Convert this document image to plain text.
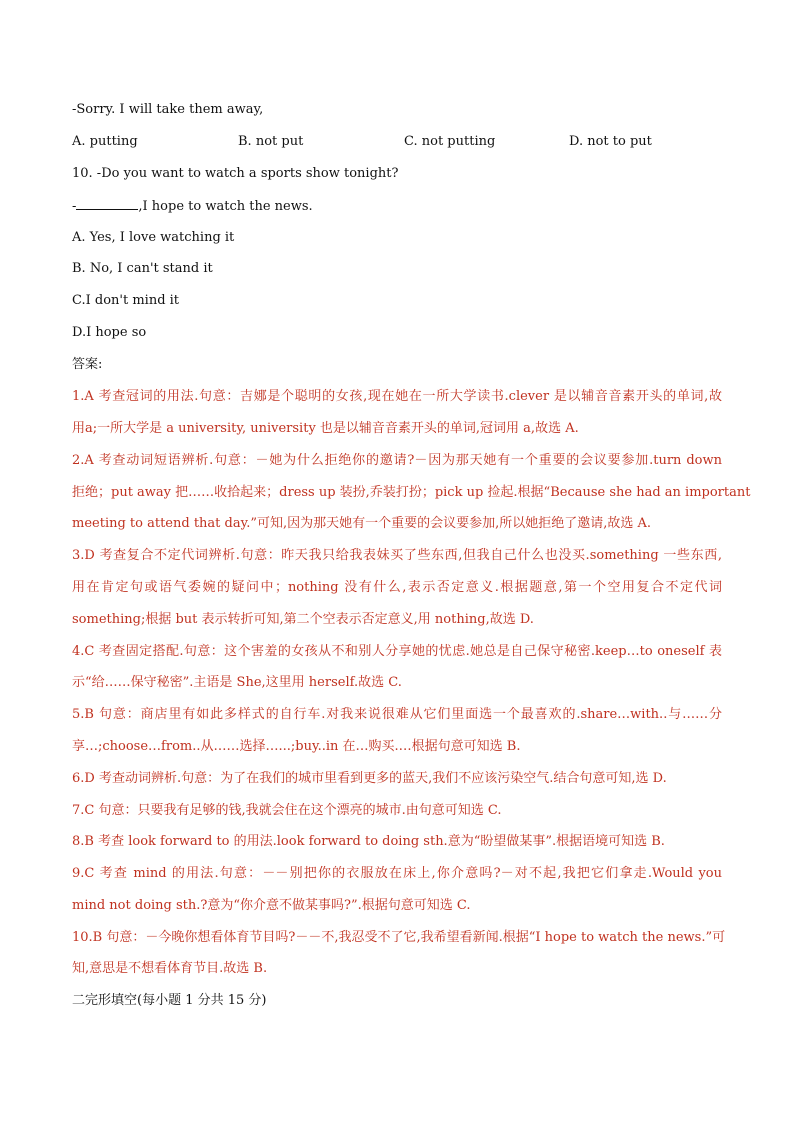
-Sorry. I will take them away,
A. putting	B. not put	C. not putting	D. not to put
10. -Do you want to watch a sports show tonight?
-	,I hope to watch the news.
A. Yes, I love watching it
B. No, I can't stand it
C.I don't mind it
D.I hope so
答案:
1.A 考查冠词的用法.句意：吉娜是个聪明的女孩,现在她在一所大学读书.clever 是以辅音音素开头的单词,故
用a;一所大学是 a university, university 也是以辅音音素开头的单词,冠词用 a,故选 A.
2.A 考查动词短语辨析.句意：－她为什么拒绝你的邀请?－因为那天她有一个重要的会议要参加.turn down
拒绝；put away 把……收拾起来；dress up 装扮,乔装打扮；pick up 捡起.根据“Because she had an important
meeting to attend that day.”可知,因为那天她有一个重要的会议要参加,所以她拒绝了邀请,故选 A.
3.D 考查复合不定代词辨析.句意：昨天我只给我表妹买了些东西,但我自己什么也没买.something 一些东西,
用在肯定句或语气委婉的疑问中；nothing 没有什么,表示否定意义.根据题意,第一个空用复合不定代词
something;根据 but 表示转折可知,第二个空表示否定意义,用 nothing,故选 D.
4.C 考查固定搭配.句意：这个害羞的女孩从不和别人分享她的忧虑.她总是自己保守秘密.keep…to oneself 表
示“给……保守秘密”.主语是 She,这里用 herself.故选 C.
5.B 句意：商店里有如此多样式的自行车.对我来说很难从它们里面选一个最喜欢的.share…with..与……分
享…;choose…from..从……选择…...;buy..in 在…购买.…根据句意可知选 B.
6.D 考查动词辨析.句意：为了在我们的城市里看到更多的蓝天,我们不应该污染空气.结合句意可知,选 D.
7.C 句意：只要我有足够的钱,我就会住在这个漂亮的城市.由句意可知选 C.
8.B 考查 look forward to 的用法.look forward to doing sth.意为“盼望做某事”.根据语境可知选 B.
9.C 考查 mind 的用法.句意：－－别把你的衣服放在床上,你介意吗?－对不起,我把它们拿走.Would you
mind not doing sth.?意为“你介意不做某事吗?”.根据句意可知选 C.
10.B 句意：－今晚你想看体育节目吗?－－不,我忍受不了它,我希望看新闻.根据“I hope to watch the news.”可
知,意思是不想看体育节目.故选 B.
二完形填空(每小题 1 分共 15 分)
